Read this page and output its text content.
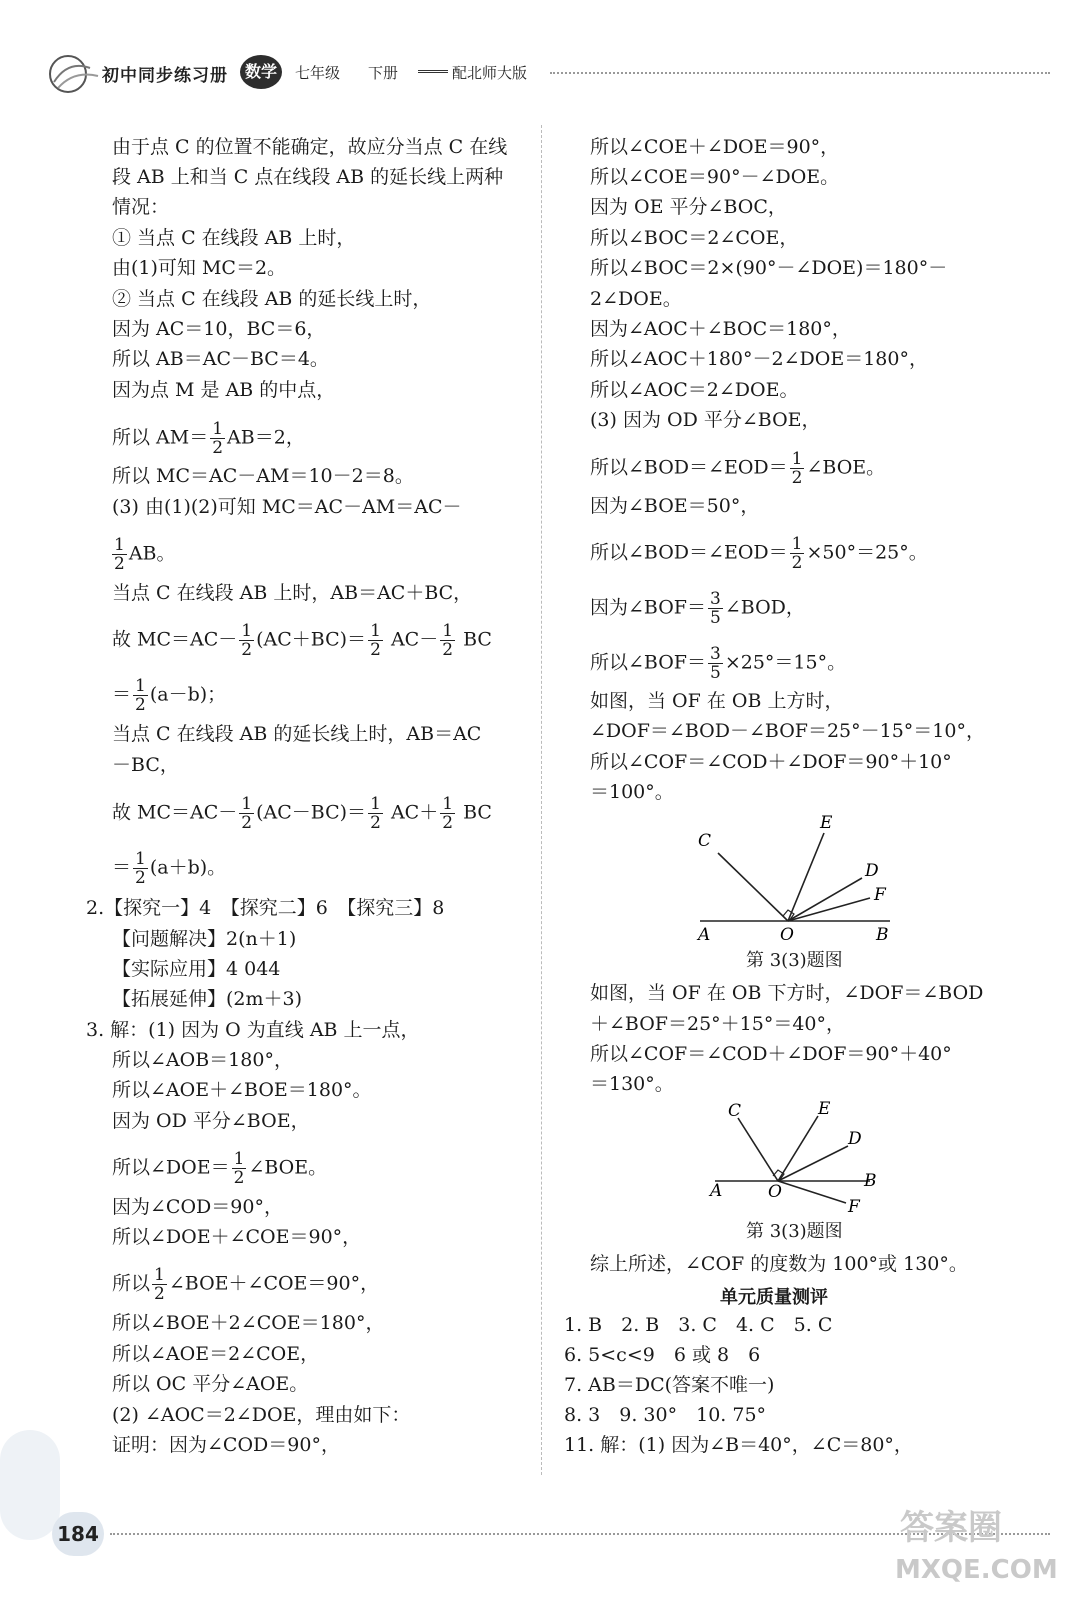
初中同步练习册	数学	七年级 下册	配北师大版
由于点 C 的位置不能确定，故应分当点 C 在线
段 AB 上和当 C 点在线段 AB 的延长线上两种
情况：
① 当点 C 在线段 AB 上时，
由(1)可知 MC＝2。
② 当点 C 在线段 AB 的延长线上时，
因为 AC＝10，BC＝6，
所以 AB＝AC－BC＝4。
因为点 M 是 AB 的中点，
所以 $AM= \frac{1}{2} AB=2$，
所以 MC＝AC－AM＝10－2＝8。
(3) 由(1)(2)可知 MC＝AC－AM＝AC－
$\frac{1}{2}$ AB。
当点 C 在线段 AB 上时，AB＝AC＋BC，
故 $MC=AC- \frac{1}{2} (AC+BC)= \frac{1}{2} AC- \frac{1}{2}$ BC
＝ $\frac{1}{2} (a-b)$；
当点 C 在线段 AB 的延长线上时，AB＝AC
－BC，
故 $MC=AC- \frac{1}{2} (AC-BC)= \frac{1}{2} AC+ \frac{1}{2}$ BC
＝ $\frac{1}{2} (a+b)$。
2.【探究一】4　【探究二】6　【探究三】8
【问题解决】2(n＋1)
【实际应用】4 044
【拓展延伸】(2m＋3)
3. 解：(1) 因为 O 为直线 AB 上一点，
所以∠AOB＝180°，
所以∠AOE＋∠BOE＝180°。
因为 OD 平分∠BOE，
所以∠DOE＝ $\frac{1}{2}$ ∠BOE。
因为∠COD＝90°，
所以∠DOE＋∠COE＝90°，
所以 $\frac{1}{2}$ ∠BOE＋∠COE＝90°，
所以∠BOE＋2∠COE＝180°，
所以∠AOE＝2∠COE，
所以 OC 平分∠AOE。
(2) ∠AOC＝2∠DOE，理由如下：
证明：因为∠COD＝90°，
所以∠COE＋∠DOE＝90°，
所以∠COE＝90°－∠DOE。
因为 OE 平分∠BOC，
所以∠BOC＝2∠COE，
所以∠BOC＝2×(90°－∠DOE)＝180°－
2∠DOE。
因为∠AOC＋∠BOC＝180°，
所以∠AOC＋180°－2∠DOE＝180°，
所以∠AOC＝2∠DOE。
(3) 因为 OD 平分∠BOE，
所以∠BOD＝∠EOD＝ $\frac{1}{2}$ ∠BOE。
因为∠BOE＝50°，
所以∠BOD＝∠EOD＝ $\frac{1}{2} \times 50^\circ=25^\circ$。
因为∠BOF＝ $\frac{3}{5}$ ∠BOD，
所以∠BOF＝ $\frac{3}{5} \times 25^\circ=15^\circ$。
如图，当 OF 在 OB 上方时，
∠DOF＝∠BOD－∠BOF＝25°－15°＝10°，
所以∠COF＝∠COD＋∠DOF＝90°＋10°
＝100°。
A	O	B
C
E
D
F
第 3(3)题图
如图，当 OF 在 OB 下方时，∠DOF＝∠BOD
＋∠BOF＝25°＋15°＝40°，
所以∠COF＝∠COD＋∠DOF＝90°＋40°
＝130°。
A	O
B
C	E
D
F
第 3(3)题图
综上所述，∠COF 的度数为 100°或 130°。
单元质量测评
1. B　2. B　3. C　4. C　5. C
6. 5<c<9　6 或 8　6
7. AB＝DC(答案不唯一)
8. 3　9. 30°　10. 75°
11. 解：(1) 因为∠B＝40°，∠C＝80°，
184	答案圈
MXQE.COM
